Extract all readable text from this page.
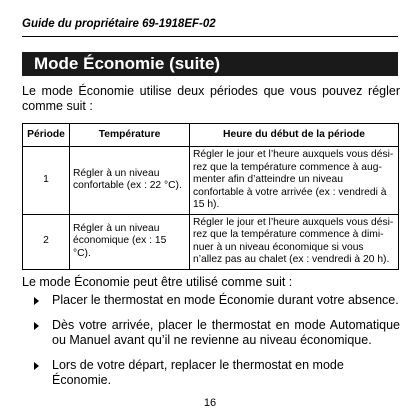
Guide du propriétaire 69-1918EF-02
Mode Économie (suite)
Le mode Économie utilise deux périodes que vous pouvez régler
comme suit :
Période	Température	Heure du début de la période
1	Régler à un niveau confortable (ex : 22 °C).	Régler le jour et l’heure auxquels vous désirez que la température commence à augmenter afin d’atteindre un niveau confortable à votre arrivée (ex : vendredi à 15 h).
2	Régler à un niveau économique (ex : 15 °C).	Régler le jour et l’heure auxquels vous désirez que la température commence à diminuer à un niveau économique si vous n’allez pas au chalet (ex : vendredi à 20 h).
Le mode Économie peut être utilisé comme suit :
Placer le thermostat en mode Économie durant votre absence.
Dès votre arrivée, placer le thermostat en mode Automatique ou Manuel avant qu’il ne revienne au niveau économique.
Lors de votre départ, replacer le thermostat en mode Économie.
16
